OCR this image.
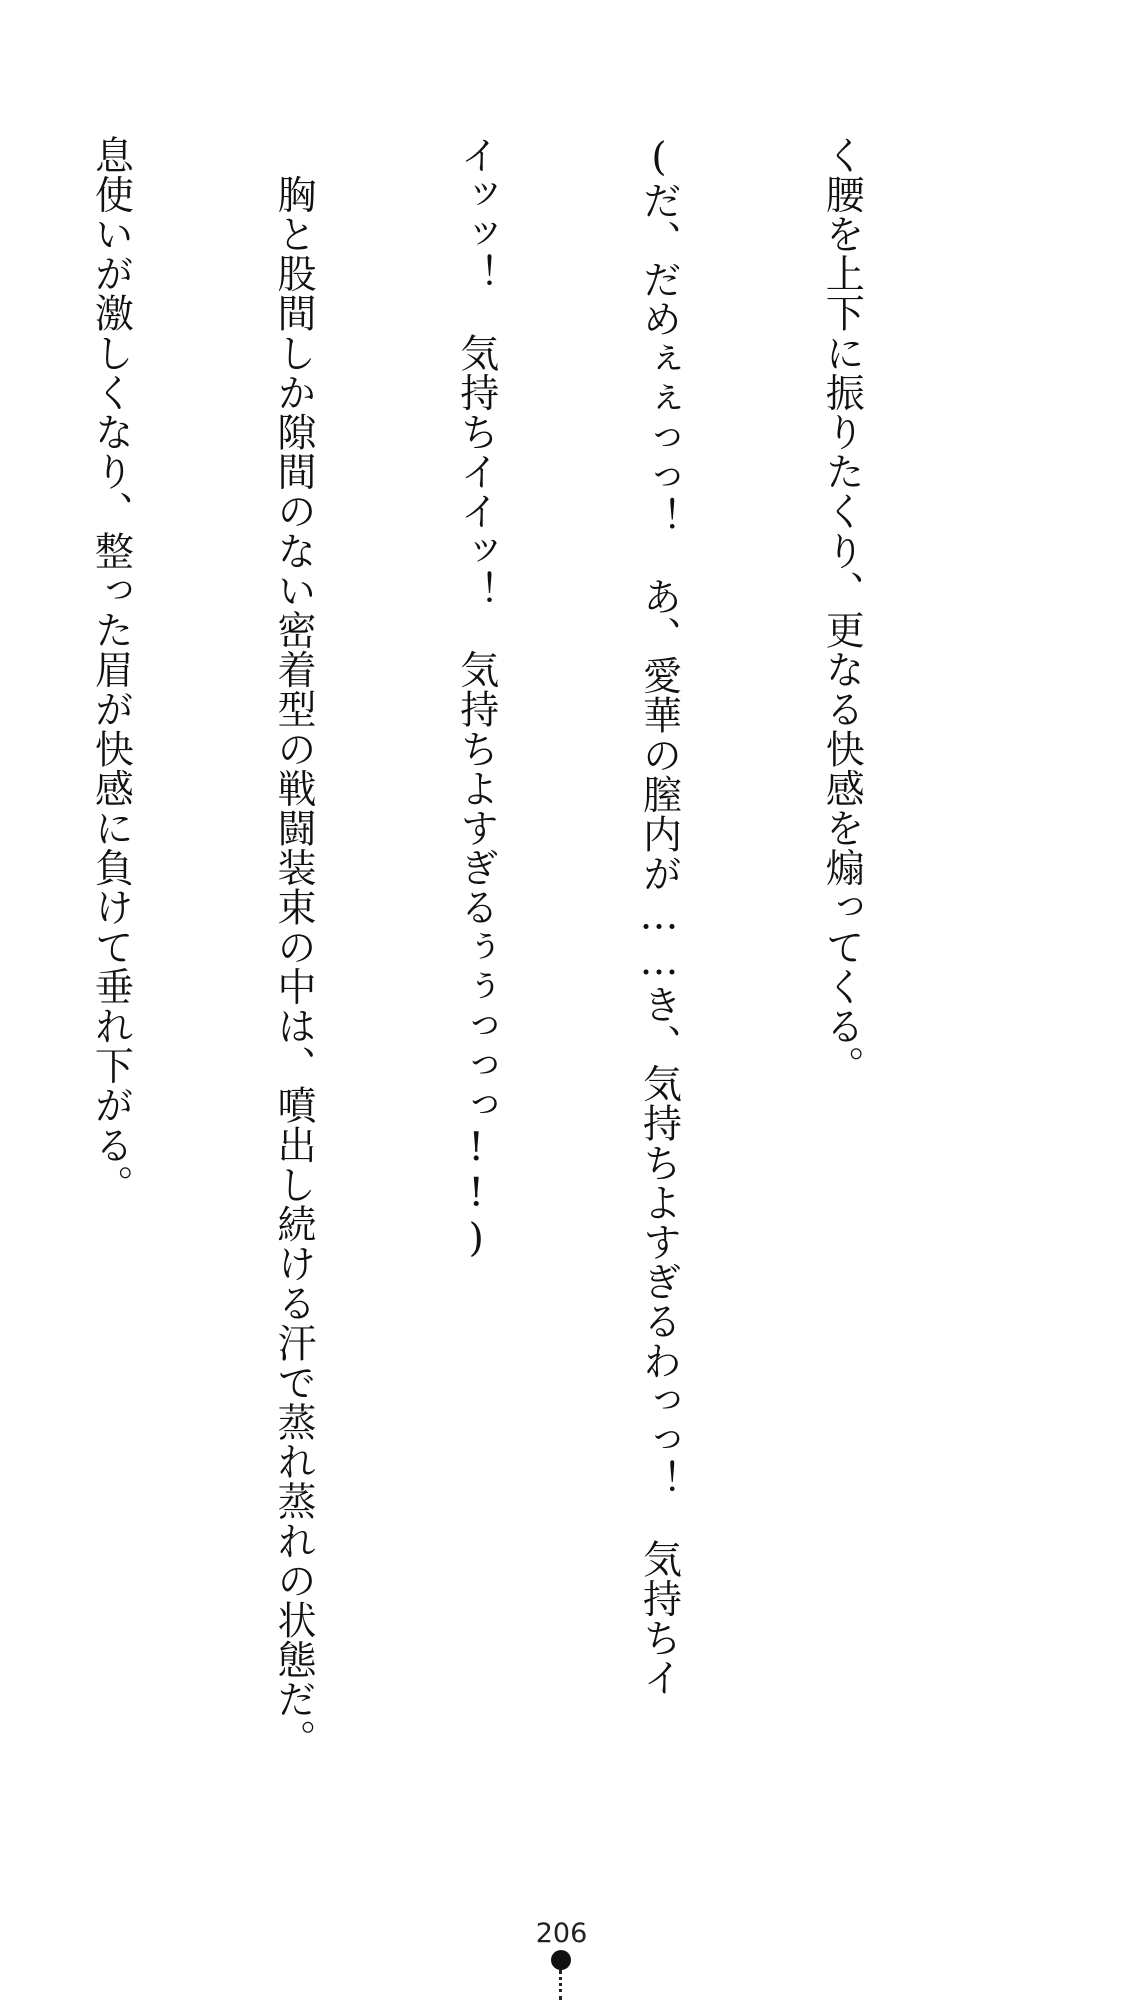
く腰を上下に振りたくり、更なる快感を煽ってくる。

(だ、だめぇぇっっ！　あ、愛華の膣内が……き、気持ちよすぎるわっっ！　気持ちイ

イッッ！　気持ちイイッ！　気持ちよすぎるぅぅっっっ!!)

　胸と股間しか隙間のない密着型の戦闘装束の中は、噴出し続ける汗で蒸れ蒸れの状態だ。

息使いが激しくなり、整った眉が快感に負けて垂れ下がる。

206
